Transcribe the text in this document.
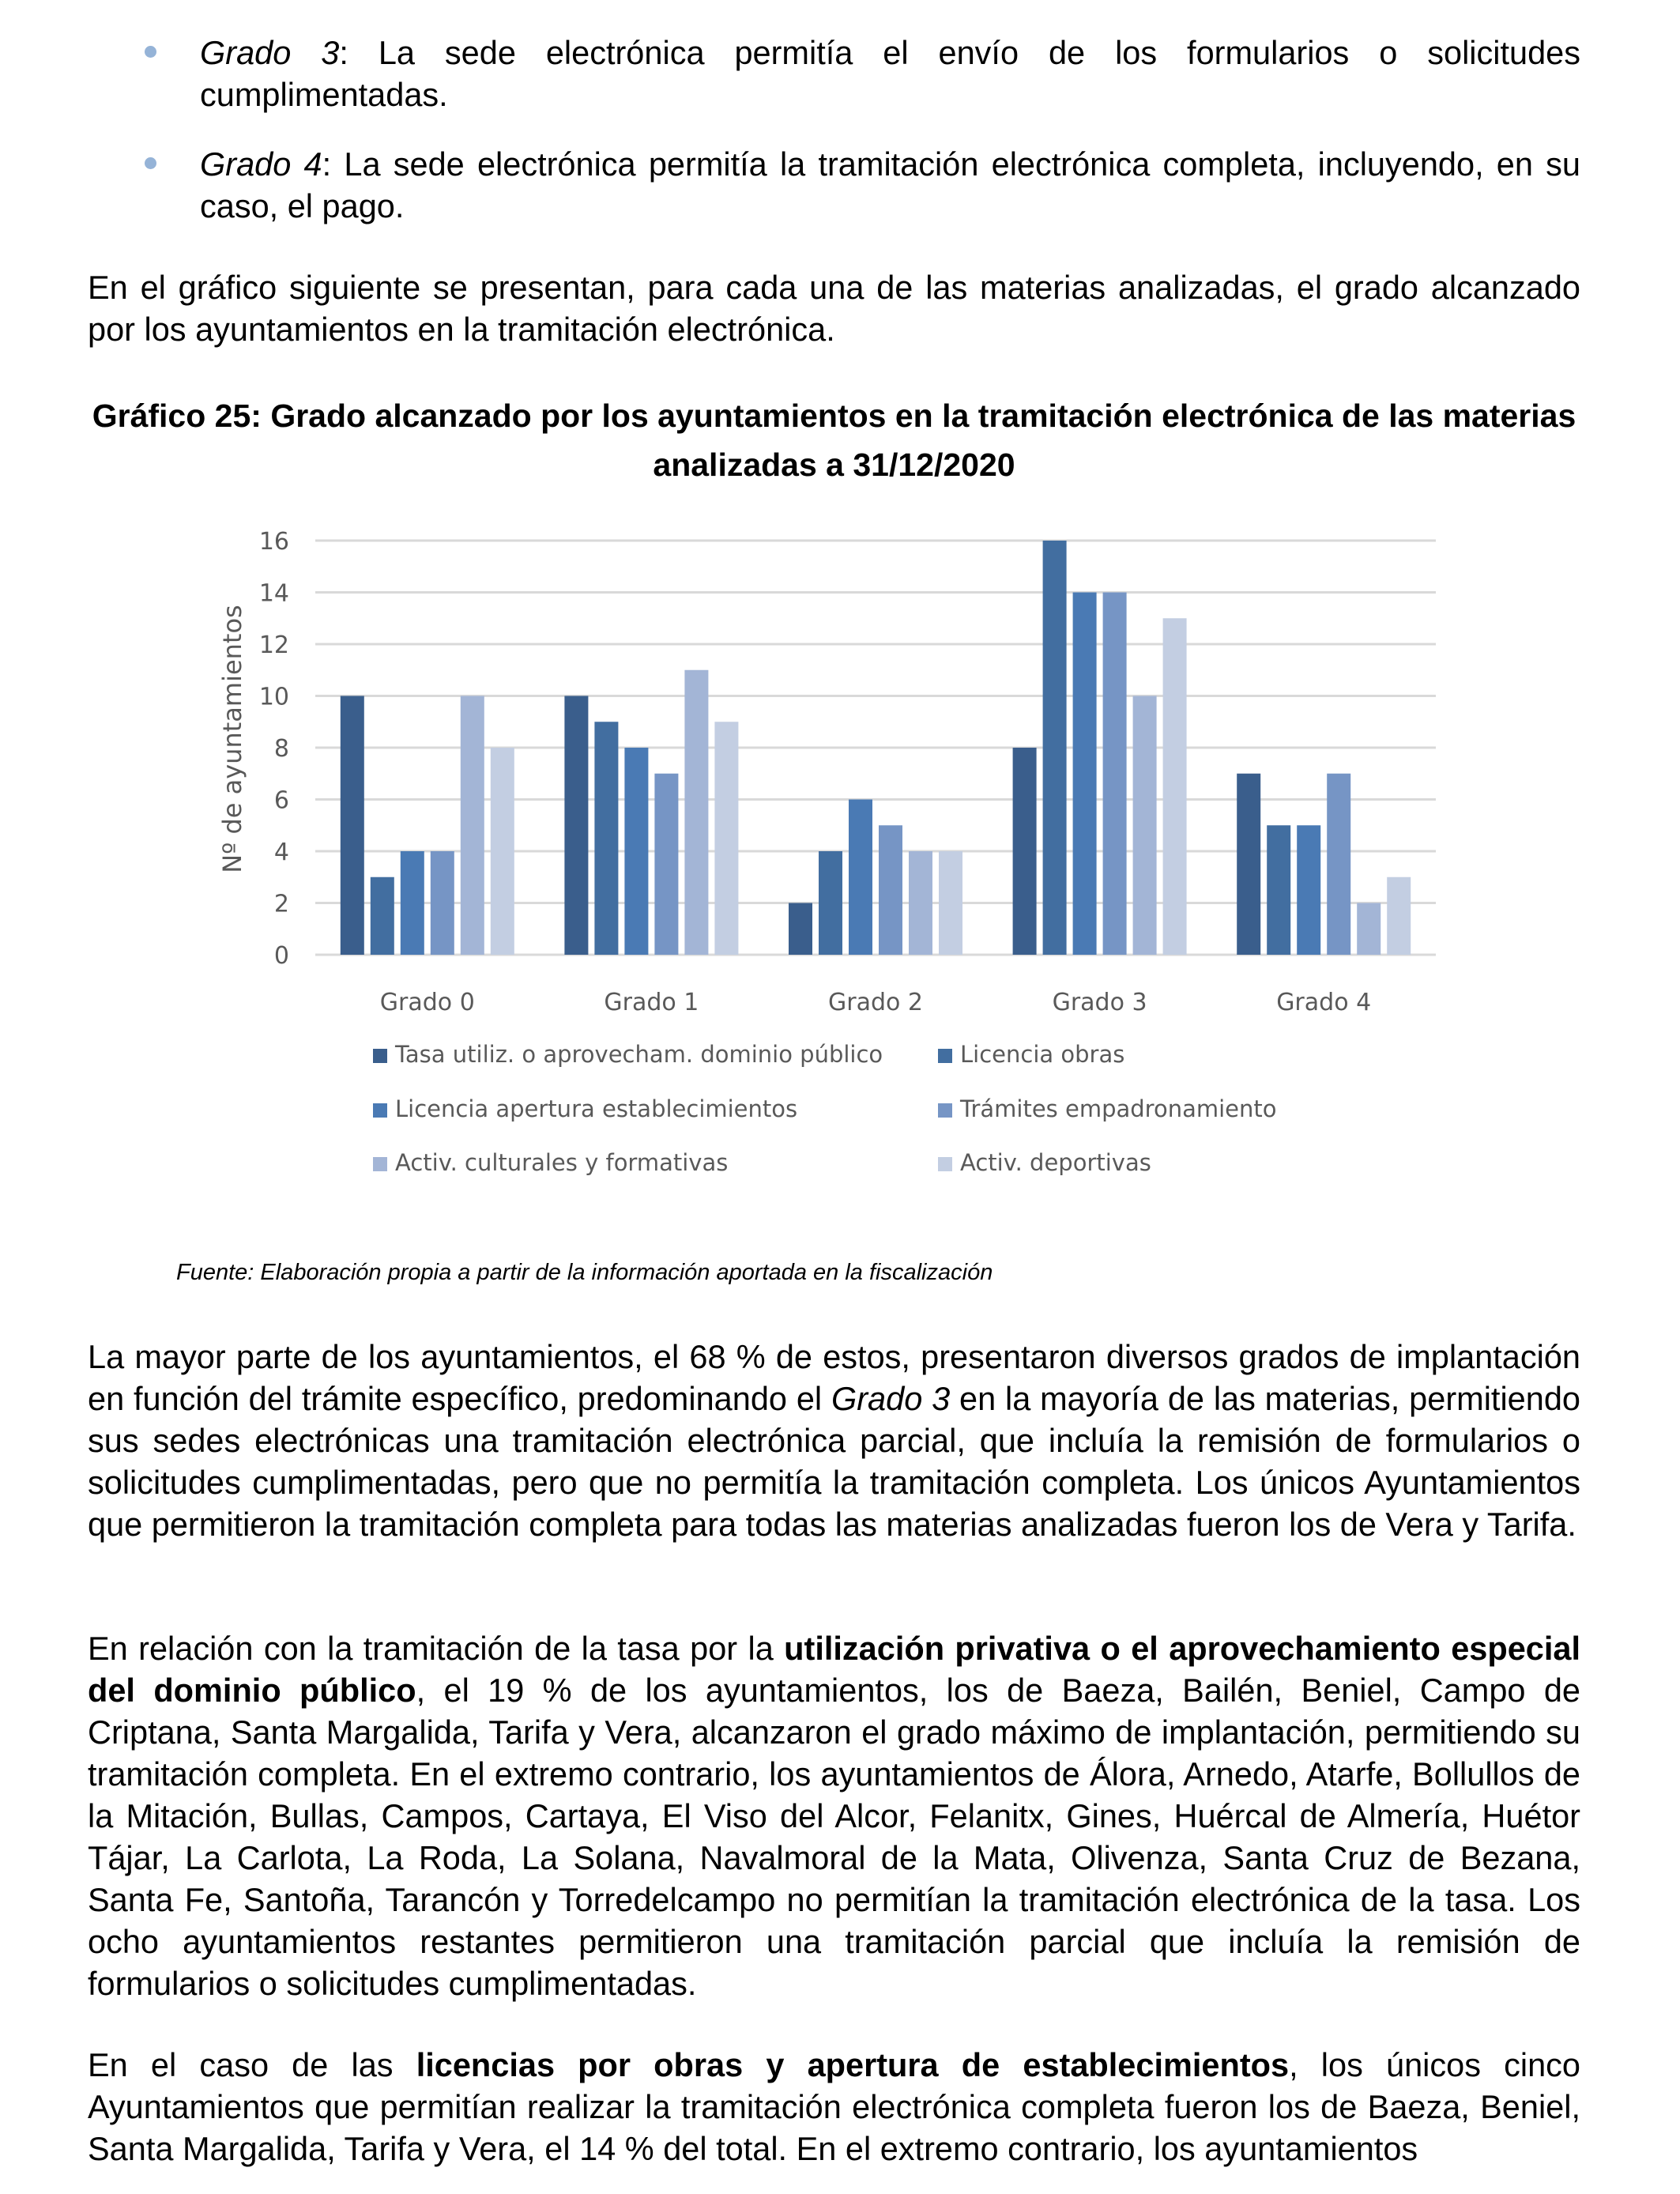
Grado 3: La sede electrónica permitía el envío de los formularios o solicitudes cumplimentadas.
Grado 4: La sede electrónica permitía la tramitación electrónica completa, incluyendo, en su caso, el pago.

En el gráfico siguiente se presentan, para cada una de las materias analizadas, el grado alcanzado por los ayuntamientos en la tramitación electrónica.

Gráfico 25: Grado alcanzado por los ayuntamientos en la tramitación electrónica de las materias analizadas a 31/12/2020
0
2
4
6
8
10
12
14
16
Grado 0	Grado 1	Grado 2	Grado 3	Grado 4
Nº de ayuntamientos
Tasa utiliz. o aprovecham. dominio público	Licencia obras
Licencia apertura establecimientos	Trámites empadronamiento
Activ. culturales y formativas	Activ. deportivas
Fuente: Elaboración propia a partir de la información aportada en la fiscalización

La mayor parte de los ayuntamientos, el 68 % de estos, presentaron diversos grados de implantación en función del trámite específico, predominando el Grado 3 en la mayoría de las materias, permitiendo sus sedes electrónicas una tramitación electrónica parcial, que incluía la remisión de formularios o solicitudes cumplimentadas, pero que no permitía la tramitación completa. Los únicos Ayuntamientos que permitieron la tramitación completa para todas las materias analizadas fueron los de Vera y Tarifa.

En relación con la tramitación de la tasa por la utilización privativa o el aprovechamiento especial del dominio público, el 19 % de los ayuntamientos, los de Baeza, Bailén, Beniel, Campo de Criptana, Santa Margalida, Tarifa y Vera, alcanzaron el grado máximo de implantación, permitiendo su tramitación completa. En el extremo contrario, los ayuntamientos de Álora, Arnedo, Atarfe, Bollullos de la Mitación, Bullas, Campos, Cartaya, El Viso del Alcor, Felanitx, Gines, Huércal de Almería, Huétor Tájar, La Carlota, La Roda, La Solana, Navalmoral de la Mata, Olivenza, Santa Cruz de Bezana, Santa Fe, Santoña, Tarancón y Torredelcampo no permitían la tramitación electrónica de la tasa. Los ocho ayuntamientos restantes permitieron una tramitación parcial que incluía la remisión de formularios o solicitudes cumplimentadas.

En el caso de las licencias por obras y apertura de establecimientos, los únicos cinco Ayuntamientos que permitían realizar la tramitación electrónica completa fueron los de Baeza, Beniel, Santa Margalida, Tarifa y Vera, el 14 % del total. En el extremo contrario, los ayuntamientos
